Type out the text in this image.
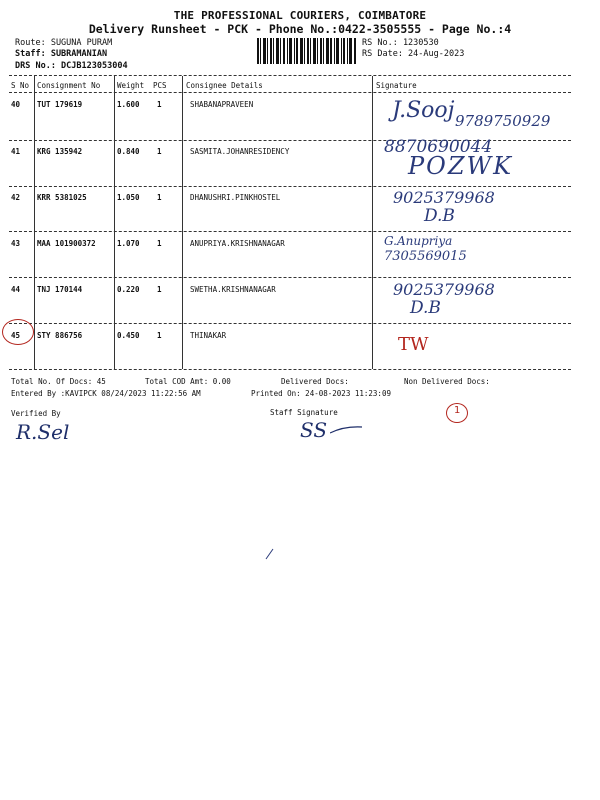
THE PROFESSIONAL COURIERS, COIMBATORE
Delivery Runsheet - PCK - Phone No.:0422-3505555 - Page No.:4
Route: SUGUNA PURAM
Staff: SUBRAMANIAN
DRS No.: DCJB123053004
RS No.: 1230530
RS Date: 24-Aug-2023
S No Consignment No Weight PCS	Consignee Details	Signature
40 TUT 179619	1.600 1	SHABANAPRAVEEN	J.Sooj 9789750929
41 KRG 135942	0.840 1	SASMITA.JOHANRESIDENCY	8870690044
POZWK
42 KRR 5381025	1.050 1	DHANUSHRI.PINKHOSTEL	9025379968
D.B
43 MAA 101900372	1.070 1	ANUPRIYA.KRISHNANAGAR	G.Anupriya
7305569015
44 TNJ 170144	0.220 1	SWETHA.KRISHNANAGAR	9025379968
D.B
45 STY 886756	0.450 1	THINAKAR	TW
Total No. Of Docs: 45	Total COD Amt: 0.00	Delivered Docs:	Non Delivered Docs:
Entered By :KAVIPCK 08/24/2023 11:22:56 AM	Printed On: 24-08-2023 11:23:09
Verified By	Staff Signature
R.Sel	SS
1
